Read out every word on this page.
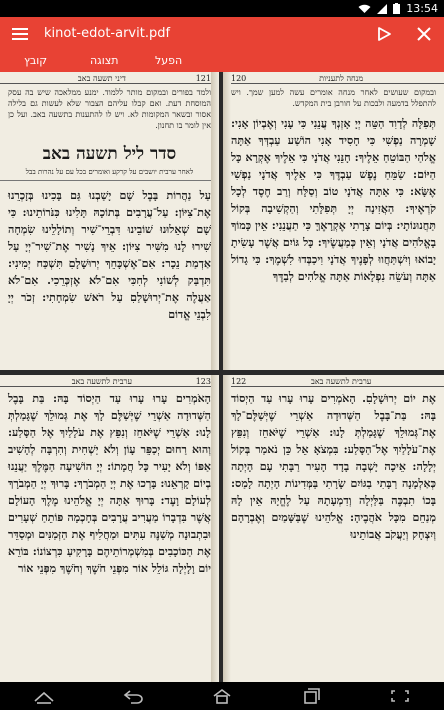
13:54
kinot-edot-arvit.pdf
קובץ	תצוגה	הפעל
121
דיני תשעה באב
ולמד בפורים ובמקום מותר ללמוד. ימנע ממלאכה שיש בה עסק המוסחת דעת. ואם קבלו עליהם הצבור שלא לעשות גם בלילה אסור ובשאר המקומות לא. ויש לו להתענות בתשעה באב. ועל כן אין לומר בו תחנון.
סדר ליל תשעה באב
לאחר ערבית יושבים על קרקע ואומרים בכל עם על נהרות בבל
עַל נַהֲרוֹת בָּבֶל שָׁם יָשַׁבְנוּ גַּם בָּכִינוּ בְּזָכְרֵנוּ אֶת־צִיּוֹן: עַל־עֲרָבִים בְּתוֹכָהּ תָּלִינוּ כִּנֹּרוֹתֵינוּ: כִּי שָׁם שְׁאֵלוּנוּ שׁוֹבֵינוּ דִּבְרֵי־שִׁיר וְתוֹלָלֵינוּ שִׂמְחָה שִׁירוּ לָנוּ מִשִּׁיר צִיּוֹן: אֵיךְ נָשִׁיר אֶת־שִׁיר־יְיָ עַל אַדְמַת נֵכָר: אִם־אֶשְׁכָּחֵךְ יְרוּשָׁלָםִ תִּשְׁכַּח יְמִינִי: תִּדְבַּק לְשׁוֹנִי לְחִכִּי אִם־לֹא אֶזְכְּרֵכִי. אִם־לֹא אַעֲלֶה אֶת־יְרוּשָׁלַםִ עַל רֹאשׁ שִׂמְחָתִי: זְכֹר יְיָ לִבְנֵי אֱדוֹם
מנחה לתעניות
120
ובמקום שעושים לאחר מנחה אומרים עשה למען שמך. ויש להתפלל בדמעה ולבכות על חורבן בית המקדש.
תְּפִלָּה לְדָוִד הַטֵּה יְיָ אָזְנְךָ עֲנֵנִי כִּי עָנִי וְאֶבְיוֹן אָנִי: שָׁמְרָה נַפְשִׁי כִּי חָסִיד אָנִי הוֹשַׁע עַבְדְּךָ אַתָּה אֱלֹהַי הַבּוֹטֵחַ אֵלֶיךָ: חָנֵּנִי אֲדֹנָי כִּי אֵלֶיךָ אֶקְרָא כָּל הַיּוֹם: שַׂמֵּחַ נֶפֶשׁ עַבְדֶּךָ כִּי אֵלֶיךָ אֲדֹנָי נַפְשִׁי אֶשָּׂא: כִּי אַתָּה אֲדֹנָי טוֹב וְסַלָּח וְרַב חֶסֶד לְכָל קֹרְאֶיךָ: הַאֲזִינָה יְיָ תְּפִלָּתִי וְהַקְשִׁיבָה בְּקוֹל תַּחֲנוּנוֹתָי: בְּיוֹם צָרָתִי אֶקְרָאֶךָּ כִּי תַעֲנֵנִי: אֵין כָּמוֹךָ בָאֱלֹהִים אֲדֹנָי וְאֵין כְּמַעֲשֶׂיךָ: כָּל גּוֹיִם אֲשֶׁר עָשִׂיתָ יָבוֹאוּ וְיִשְׁתַּחֲווּ לְפָנֶיךָ אֲדֹנָי וִיכַבְּדוּ לִשְׁמֶךָ: כִּי גָדוֹל אַתָּה וְעֹשֵׂה נִפְלָאוֹת אַתָּה אֱלֹהִים לְבַדֶּךָ
123
ערבית לתשעה באב
הָאֹמְרִים עָרוּ עָרוּ עַד הַיְסוֹד בָּהּ: בַּת בָּבֶל הַשְּׁדוּדָה אַשְׁרֵי שֶׁיְּשַׁלֶּם לָךְ אֶת גְּמוּלֵךְ שֶׁגָּמַלְתְּ לָנוּ: אַשְׁרֵי שֶׁיֹּאחֵז וְנִפֵּץ אֶת עֹלָלַיִךְ אֶל הַסָּלַע: וְהוּא רַחוּם יְכַפֵּר עָוֹן וְלֹא יַשְׁחִית וְהִרְבָּה לְהָשִׁיב אַפּוֹ וְלֹא יָעִיר כָּל חֲמָתוֹ: יְיָ הוֹשִׁיעָה הַמֶּלֶךְ יַעֲנֵנוּ בְיוֹם קָרְאֵנוּ: בָּרְכוּ אֶת יְיָ הַמְבֹרָךְ: בָּרוּךְ יְיָ הַמְבֹרָךְ לְעוֹלָם וָעֶד: בָּרוּךְ אַתָּה יְיָ אֱלֹהֵינוּ מֶלֶךְ הָעוֹלָם אֲשֶׁר בִּדְבָרוֹ מַעֲרִיב עֲרָבִים בְּחָכְמָה פּוֹתֵחַ שְׁעָרִים וּבִתְבוּנָה מְשַׁנֶּה עִתִּים וּמַחֲלִיף אֶת הַזְּמַנִּים וּמְסַדֵּר אֶת הַכּוֹכָבִים בְּמִשְׁמְרוֹתֵיהֶם בָּרָקִיעַ כִּרְצוֹנוֹ: בּוֹרֵא יוֹם וָלָיְלָה גּוֹלֵל אוֹר מִפְּנֵי חֹשֶׁךְ וְחֹשֶׁךְ מִפְּנֵי אוֹר
ערבית לתשעה באב
122
אֶת יוֹם יְרוּשָׁלָםִ. הָאֹמְרִים עָרוּ עָרוּ עַד הַיְסוֹד בָּהּ: בַּת־בָּבֶל הַשְּׁדוּדָה אַשְׁרֵי שֶׁיְּשַׁלֶּם־לָךְ אֶת־גְּמוּלֵךְ שֶׁגָּמַלְתְּ לָנוּ: אַשְׁרֵי שֶׁיֹּאחֵז וְנִפֵּץ אֶת־עֹלָלַיִךְ אֶל־הַסָּלַע: בִּמְצֹאָ אֵל כֵּן נֹאמַר בְּקוֹל יְלָלָה: אֵיכָה יָשְׁבָה בָדָד הָעִיר רַבָּתִי עָם הָיְתָה כְּאַלְמָנָה רַבָּתִי בַגּוֹיִם שָׂרָתִי בַּמְּדִינוֹת הָיְתָה לָמַס: בָּכוֹ תִבְכֶּה בַּלַּיְלָה וְדִמְעָתָהּ עַל לֶחֱיָהּ אֵין לָהּ מְנַחֵם מִכָּל אֹהֲבֶיהָ: אֱלֹהֵינוּ שֶׁבַּשָּׁמַיִם וְאֶבְרָהָם וְיִצְחָק וְיַעֲקֹב אֲבוֹתֵינוּ
